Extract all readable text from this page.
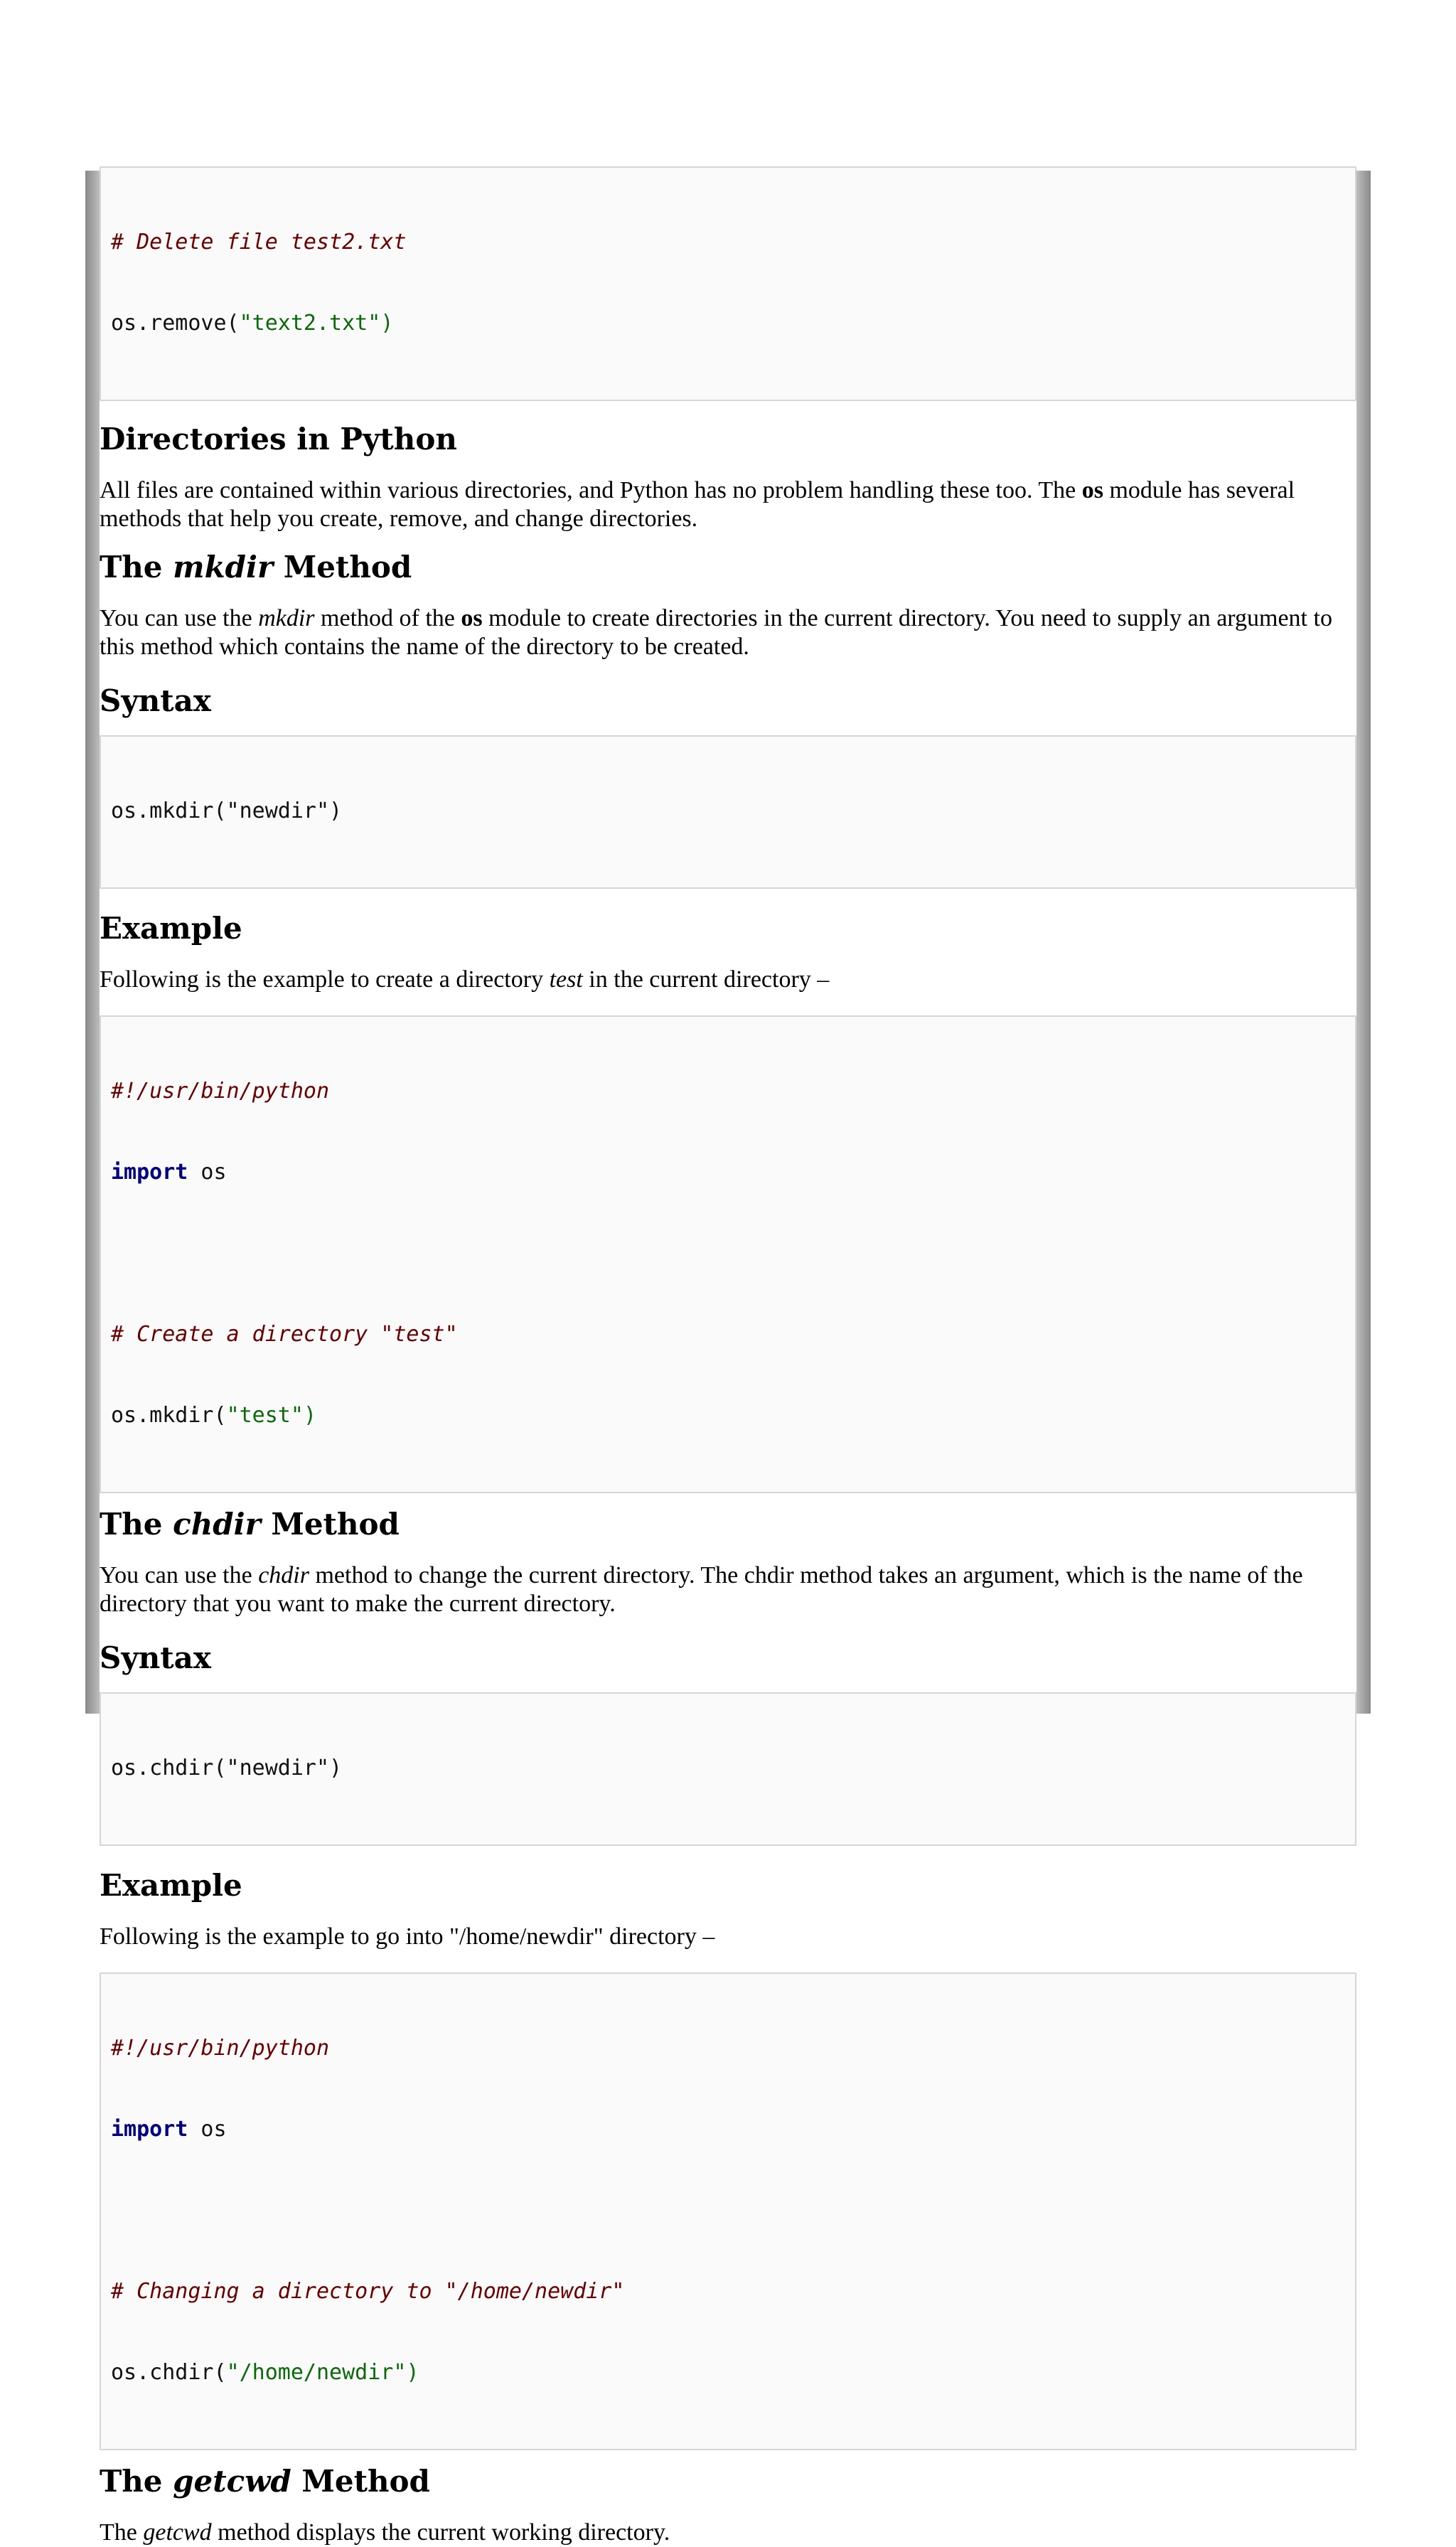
# Delete file test2.txt

os.remove("text2.txt")

Directories in Python

All files are contained within various directories, and Python has no problem handling these too. The os module has several methods that help you create, remove, and change directories.

The mkdir Method

You can use the mkdir method of the os module to create directories in the current directory. You need to supply an argument to this method which contains the name of the directory to be created.

Syntax

os.mkdir("newdir")

Example

Following is the example to create a directory test in the current directory –

#!/usr/bin/python

import os

# Create a directory "test"

os.mkdir("test")

The chdir Method

You can use the chdir method to change the current directory. The chdir method takes an argument, which is the name of the directory that you want to make the current directory.

Syntax

os.chdir("newdir")

Example

Following is the example to go into "/home/newdir" directory –

#!/usr/bin/python

import os

# Changing a directory to "/home/newdir"

os.chdir("/home/newdir")

The getcwd Method

The getcwd method displays the current working directory.
